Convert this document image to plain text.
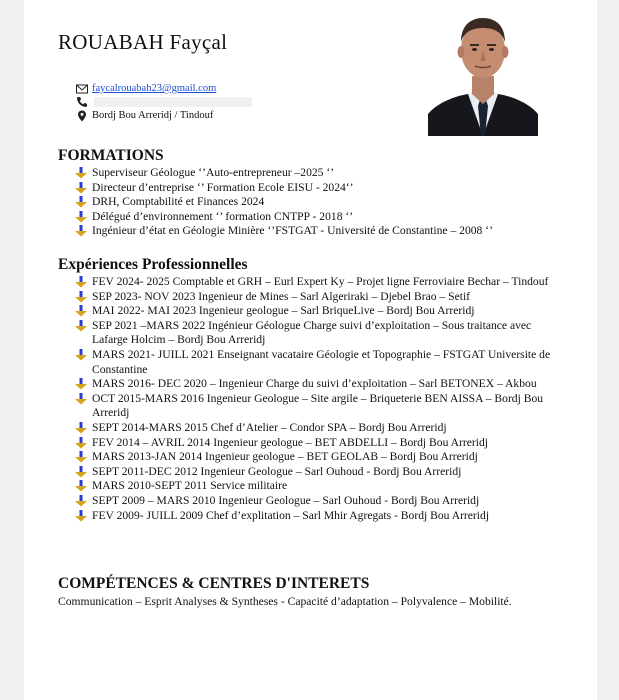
ROUABAH Fayçal
faycalrouabah23@gmail.com
Bordj Bou Arreridj / Tindouf
FORMATIONS
Superviseur Géologue ‘’Auto-entrepreneur –2025 ‘’
Directeur d’entreprise ‘’ Formation Ecole EISU - 2024‘’
DRH, Comptabilité et Finances 2024
Délégué d’environnement ‘’ formation CNTPP - 2018 ‘’
Ingénieur d’état en Géologie Minière ‘’FSTGAT - Université de Constantine – 2008 ‘’
Expériences Professionnelles
FEV 2024- 2025 Comptable et GRH – Eurl Expert Ky – Projet ligne Ferroviaire Bechar – Tindouf
SEP 2023- NOV 2023 Ingenieur de Mines – Sarl Algeriraki – Djebel Brao – Setif
MAI 2022- MAI 2023 Ingenieur geologue – Sarl BriqueLive – Bordj Bou Arreridj
SEP 2021 –MARS 2022 Ingénieur Géologue Charge suivi d’exploitation – Sous traitance avec Lafarge Holcim – Bordj Bou Arreridj
MARS 2021- JUILL 2021 Enseignant vacataire Géologie et Topographie – FSTGAT Universite de Constantine
MARS 2016- DEC 2020 – Ingenieur Charge du suivi d’exploitation – Sarl BETONEX – Akbou
OCT 2015-MARS 2016 Ingenieur Geologue – Site argile – Briqueterie BEN AISSA – Bordj Bou Arreridj
SEPT 2014-MARS 2015 Chef d’Atelier – Condor SPA – Bordj Bou Arreridj
FEV 2014 – AVRIL 2014 Ingenieur geologue – BET ABDELLI – Bordj Bou Arreridj
MARS 2013-JAN 2014 Ingenieur geologue – BET GEOLAB – Bordj Bou Arreridj
SEPT 2011-DEC 2012 Ingenieur Geologue – Sarl Ouhoud - Bordj Bou Arreridj
MARS 2010-SEPT 2011 Service militaire
SEPT 2009 – MARS 2010 Ingenieur Geologue – Sarl Ouhoud - Bordj Bou Arreridj
FEV 2009- JUILL 2009 Chef d’explitation – Sarl Mhir Agregats - Bordj Bou Arreridj
COMPÉTENCES & CENTRES D'INTERETS
Communication – Esprit Analyses & Syntheses - Capacité d’adaptation – Polyvalence – Mobilité.
